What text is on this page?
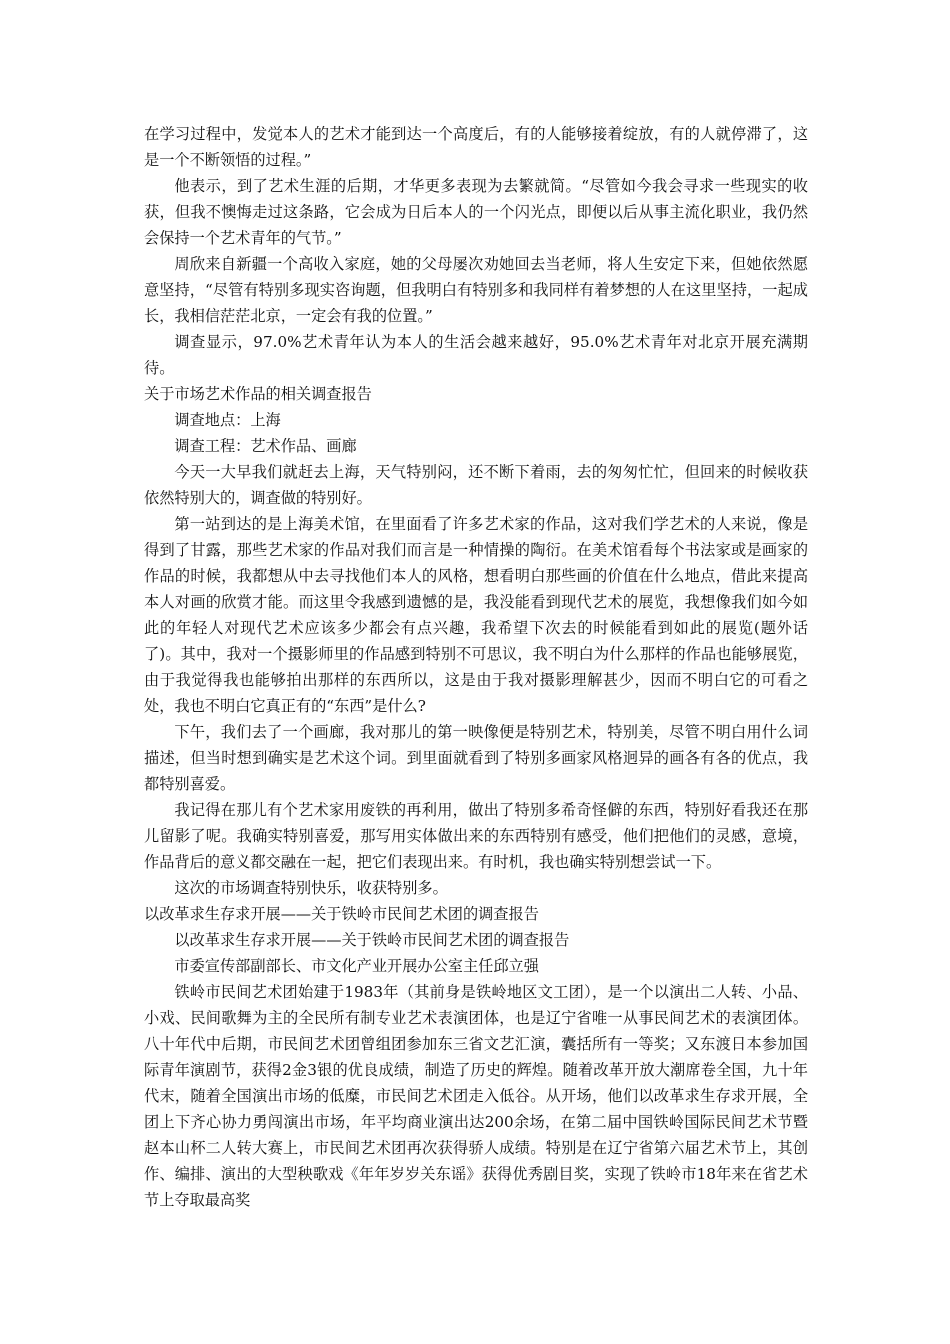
在学习过程中，发觉本人的艺术才能到达一个高度后，有的人能够接着绽放，有的人就停滞了，这是一个不断领悟的过程。”

他表示，到了艺术生涯的后期，才华更多表现为去繁就简。“尽管如今我会寻求一些现实的收获，但我不懊悔走过这条路，它会成为日后本人的一个闪光点，即便以后从事主流化职业，我仍然会保持一个艺术青年的气节。”

周欣来自新疆一个高收入家庭，她的父母屡次劝她回去当老师，将人生安定下来，但她依然愿意坚持，“尽管有特别多现实咨询题，但我明白有特别多和我同样有着梦想的人在这里坚持，一起成长，我相信茫茫北京，一定会有我的位置。”

调查显示，97.0%艺术青年认为本人的生活会越来越好，95.0%艺术青年对北京开展充满期待。

关于市场艺术作品的相关调查报告

调查地点：上海

调查工程：艺术作品、画廊

今天一大早我们就赶去上海，天气特别闷，还不断下着雨，去的匆匆忙忙，但回来的时候收获依然特别大的，调查做的特别好。

第一站到达的是上海美术馆，在里面看了许多艺术家的作品，这对我们学艺术的人来说，像是得到了甘露，那些艺术家的作品对我们而言是一种情操的陶衍。在美术馆看每个书法家或是画家的作品的时候，我都想从中去寻找他们本人的风格，想看明白那些画的价值在什么地点，借此来提高本人对画的欣赏才能。而这里令我感到遗憾的是，我没能看到现代艺术的展览，我想像我们如今如此的年轻人对现代艺术应该多少都会有点兴趣，我希望下次去的时候能看到如此的展览(题外话了)。其中，我对一个摄影师里的作品感到特别不可思议，我不明白为什么那样的作品也能够展览，由于我觉得我也能够拍出那样的东西所以，这是由于我对摄影理解甚少，因而不明白它的可看之处，我也不明白它真正有的“东西”是什么?

下午，我们去了一个画廊，我对那儿的第一映像便是特别艺术，特别美，尽管不明白用什么词描述，但当时想到确实是艺术这个词。到里面就看到了特别多画家风格迥异的画各有各的优点，我都特别喜爱。

我记得在那儿有个艺术家用废铁的再利用，做出了特别多希奇怪僻的东西，特别好看我还在那儿留影了呢。我确实特别喜爱，那写用实体做出来的东西特别有感受，他们把他们的灵感，意境，作品背后的意义都交融在一起，把它们表现出来。有时机，我也确实特别想尝试一下。

这次的市场调查特别快乐，收获特别多。

以改革求生存求开展——关于铁岭市民间艺术团的调查报告

以改革求生存求开展——关于铁岭市民间艺术团的调查报告

市委宣传部副部长、市文化产业开展办公室主任邱立强

铁岭市民间艺术团始建于1983年（其前身是铁岭地区文工团），是一个以演出二人转、小品、小戏、民间歌舞为主的全民所有制专业艺术表演团体，也是辽宁省唯一从事民间艺术的表演团体。八十年代中后期，市民间艺术团曾组团参加东三省文艺汇演，囊括所有一等奖；又东渡日本参加国际青年演剧节，获得2金3银的优良成绩，制造了历史的辉煌。随着改革开放大潮席卷全国，九十年代末，随着全国演出市场的低糜，市民间艺术团走入低谷。从开场，他们以改革求生存求开展，全团上下齐心协力勇闯演出市场，年平均商业演出达200余场，在第二届中国铁岭国际民间艺术节暨赵本山杯二人转大赛上，市民间艺术团再次获得骄人成绩。特别是在辽宁省第六届艺术节上，其创作、编排、演出的大型秧歌戏《年年岁岁关东谣》获得优秀剧目奖，实现了铁岭市18年来在省艺术节上夺取最高奖
